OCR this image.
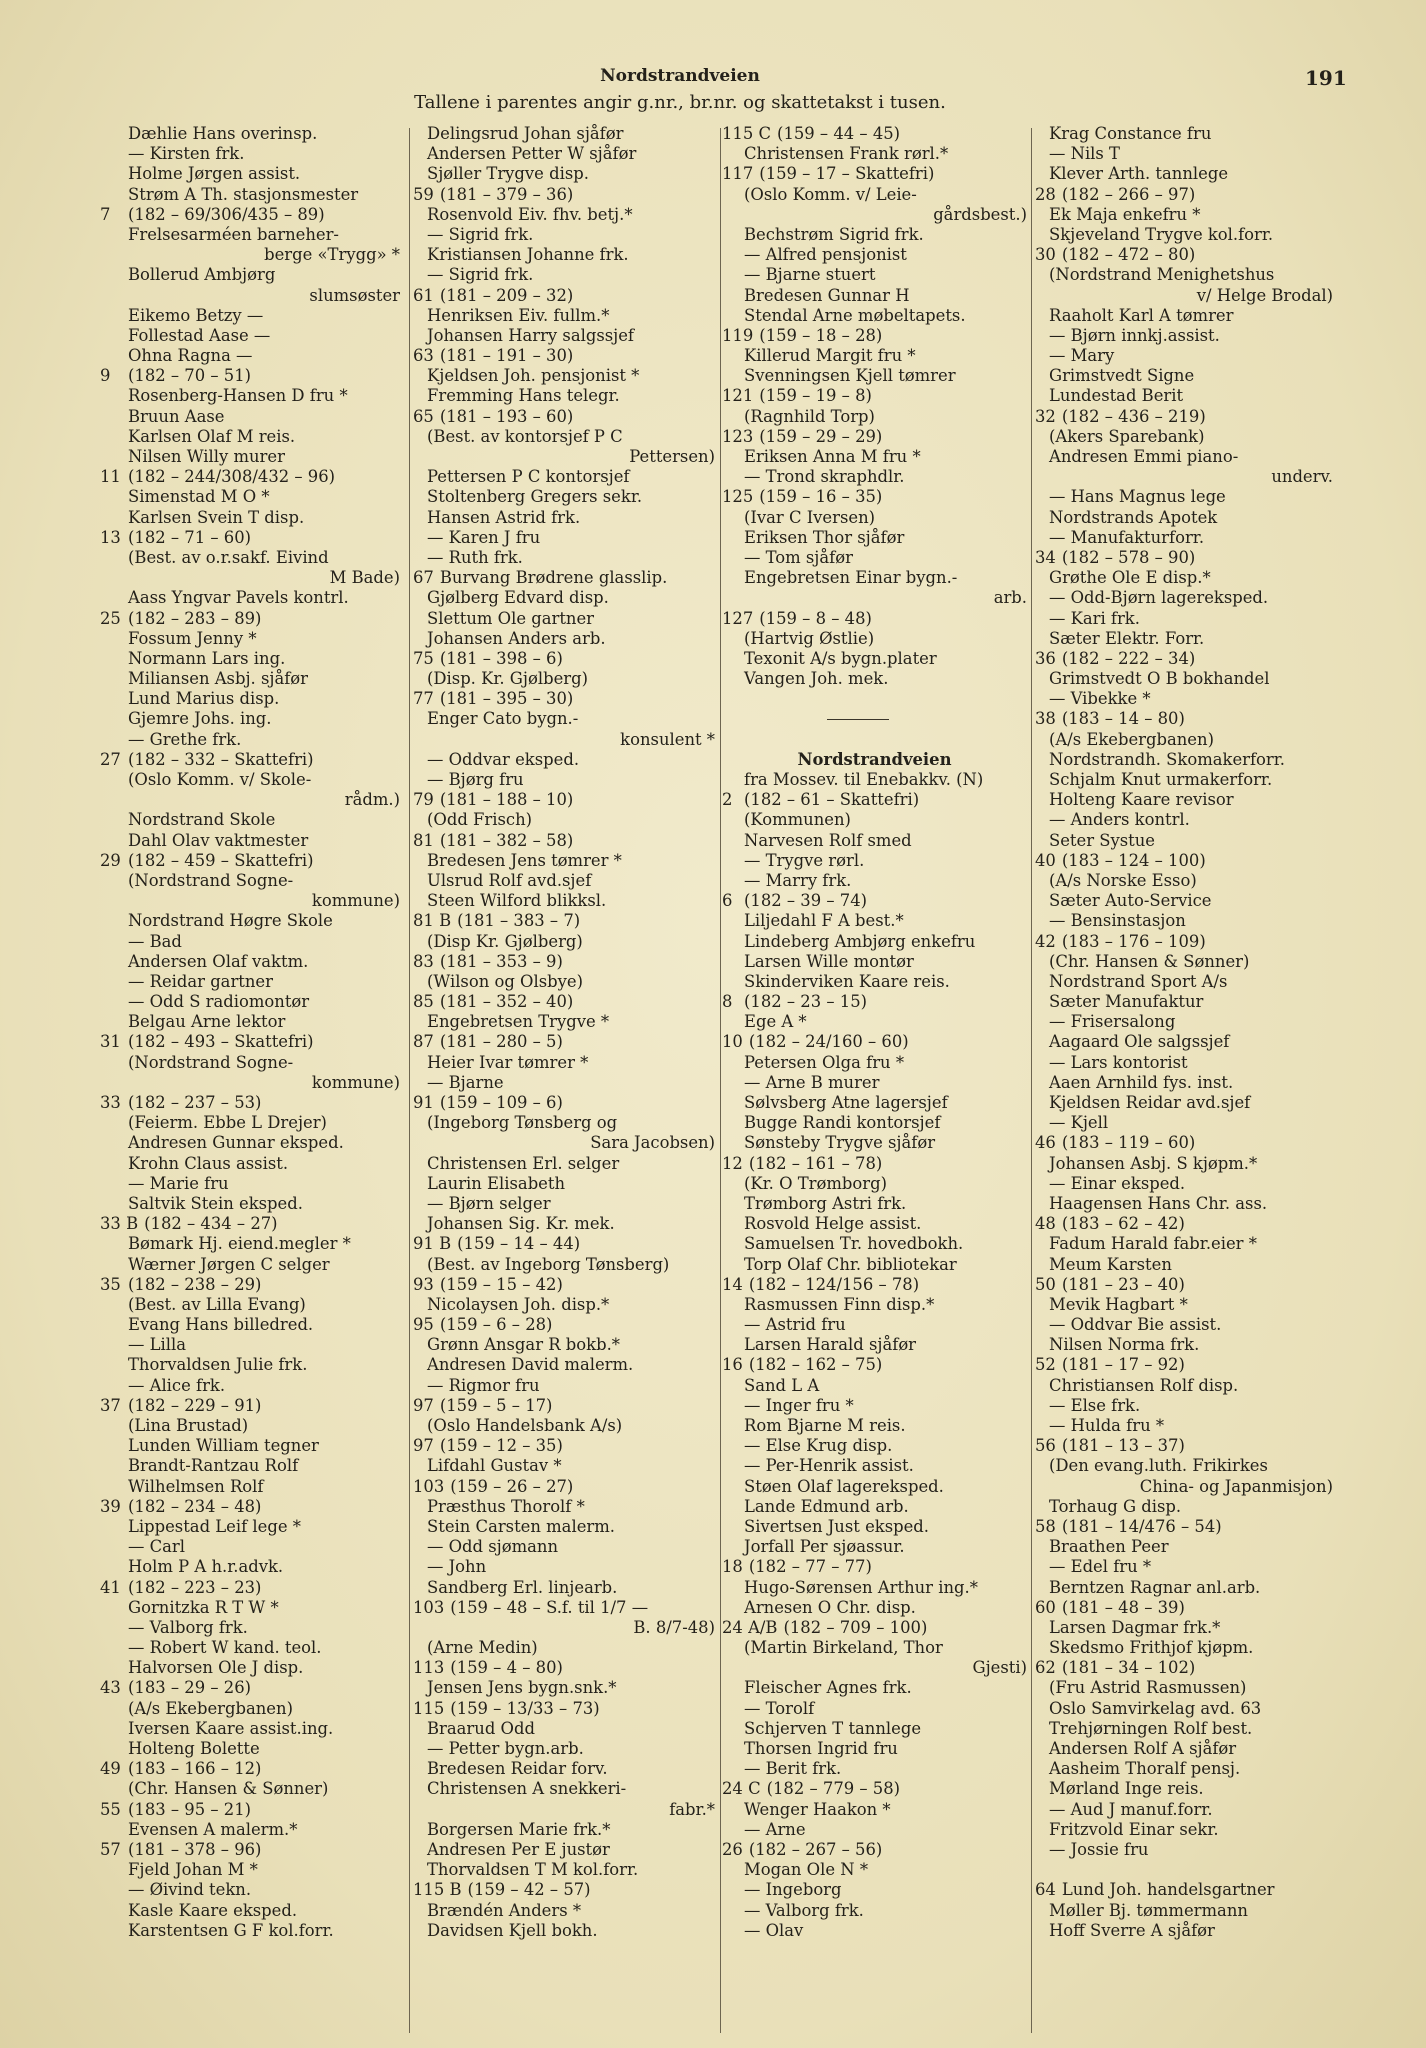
Nordstrandveien
Tallene i parentes angir g.nr., br.nr. og skattetakst i tusen.
191
Dæhlie Hans overinsp.
— Kirsten frk.
Holme Jørgen assist.
Strøm A Th. stasjonsmester
7 (182 – 69/306/435 – 89)
Frelsesarméen barneher-
berge «Trygg» *
Bollerud Ambjørg
slumsøster
Eikemo Betzy —
Follestad Aase —
Ohna Ragna —
9 (182 – 70 – 51)
Rosenberg-Hansen D fru *
Bruun Aase
Karlsen Olaf M reis.
Nilsen Willy murer
11 (182 – 244/308/432 – 96)
Simenstad M O *
Karlsen Svein T disp.
13 (182 – 71 – 60)
(Best. av o.r.sakf. Eivind
M Bade)
Aass Yngvar Pavels kontrl.
25 (182 – 283 – 89)
Fossum Jenny *
Normann Lars ing.
Miliansen Asbj. sjåfør
Lund Marius disp.
Gjemre Johs. ing.
— Grethe frk.
27 (182 – 332 – Skattefri)
(Oslo Komm. v/ Skole-
rådm.)
Nordstrand Skole
Dahl Olav vaktmester
29 (182 – 459 – Skattefri)
(Nordstrand Sogne-
kommune)
Nordstrand Høgre Skole
— Bad
Andersen Olaf vaktm.
— Reidar gartner
— Odd S radiomontør
Belgau Arne lektor
31 (182 – 493 – Skattefri)
(Nordstrand Sogne-
kommune)
33 (182 – 237 – 53)
(Feierm. Ebbe L Drejer)
Andresen Gunnar eksped.
Krohn Claus assist.
— Marie fru
Saltvik Stein eksped.
33 B (182 – 434 – 27)
Bømark Hj. eiend.megler *
Wærner Jørgen C selger
35 (182 – 238 – 29)
(Best. av Lilla Evang)
Evang Hans billedred.
— Lilla
Thorvaldsen Julie frk.
— Alice frk.
37 (182 – 229 – 91)
(Lina Brustad)
Lunden William tegner
Brandt-Rantzau Rolf
Wilhelmsen Rolf
39 (182 – 234 – 48)
Lippestad Leif lege *
— Carl
Holm P A h.r.advk.
41 (182 – 223 – 23)
Gornitzka R T W *
— Valborg frk.
— Robert W kand. teol.
Halvorsen Ole J disp.
43 (183 – 29 – 26)
(A/s Ekebergbanen)
Iversen Kaare assist.ing.
Holteng Bolette
49 (183 – 166 – 12)
(Chr. Hansen & Sønner)
55 (183 – 95 – 21)
Evensen A malerm.*
57 (181 – 378 – 96)
Fjeld Johan M *
— Øivind tekn.
Kasle Kaare eksped.
Karstentsen G F kol.forr.
Delingsrud Johan sjåfør
Andersen Petter W sjåfør
Sjøller Trygve disp.
59 (181 – 379 – 36)
Rosenvold Eiv. fhv. betj.*
— Sigrid frk.
Kristiansen Johanne frk.
— Sigrid frk.
61 (181 – 209 – 32)
Henriksen Eiv. fullm.*
Johansen Harry salgssjef
63 (181 – 191 – 30)
Kjeldsen Joh. pensjonist *
Fremming Hans telegr.
65 (181 – 193 – 60)
(Best. av kontorsjef P C
Pettersen)
Pettersen P C kontorsjef
Stoltenberg Gregers sekr.
Hansen Astrid frk.
— Karen J fru
— Ruth frk.
67 Burvang Brødrene glasslip.
Gjølberg Edvard disp.
Slettum Ole gartner
Johansen Anders arb.
75 (181 – 398 – 6)
(Disp. Kr. Gjølberg)
77 (181 – 395 – 30)
Enger Cato bygn.-
konsulent *
— Oddvar eksped.
— Bjørg fru
79 (181 – 188 – 10)
(Odd Frisch)
81 (181 – 382 – 58)
Bredesen Jens tømrer *
Ulsrud Rolf avd.sjef
Steen Wilford blikksl.
81 B (181 – 383 – 7)
(Disp Kr. Gjølberg)
83 (181 – 353 – 9)
(Wilson og Olsbye)
85 (181 – 352 – 40)
Engebretsen Trygve *
87 (181 – 280 – 5)
Heier Ivar tømrer *
— Bjarne
91 (159 – 109 – 6)
(Ingeborg Tønsberg og
Sara Jacobsen)
Christensen Erl. selger
Laurin Elisabeth
— Bjørn selger
Johansen Sig. Kr. mek.
91 B (159 – 14 – 44)
(Best. av Ingeborg Tønsberg)
93 (159 – 15 – 42)
Nicolaysen Joh. disp.*
95 (159 – 6 – 28)
Grønn Ansgar R bokb.*
Andresen David malerm.
— Rigmor fru
97 (159 – 5 – 17)
(Oslo Handelsbank A/s)
97 (159 – 12 – 35)
Lifdahl Gustav *
103 (159 – 26 – 27)
Præsthus Thorolf *
Stein Carsten malerm.
— Odd sjømann
— John
Sandberg Erl. linjearb.
103 (159 – 48 – S.f. til 1/7 —
B. 8/7-48)
(Arne Medin)
113 (159 – 4 – 80)
Jensen Jens bygn.snk.*
115 (159 – 13/33 – 73)
Braarud Odd
— Petter bygn.arb.
Bredesen Reidar forv.
Christensen A snekkeri-
fabr.*
Borgersen Marie frk.*
Andresen Per E justør
Thorvaldsen T M kol.forr.
115 B (159 – 42 – 57)
Brændén Anders *
Davidsen Kjell bokh.
115 C (159 – 44 – 45)
Christensen Frank rørl.*
117 (159 – 17 – Skattefri)
(Oslo Komm. v/ Leie-
gårdsbest.)
Bechstrøm Sigrid frk.
— Alfred pensjonist
— Bjarne stuert
Bredesen Gunnar H
Stendal Arne møbeltapets.
119 (159 – 18 – 28)
Killerud Margit fru *
Svenningsen Kjell tømrer
121 (159 – 19 – 8)
(Ragnhild Torp)
123 (159 – 29 – 29)
Eriksen Anna M fru *
— Trond skraphdlr.
125 (159 – 16 – 35)
(Ivar C Iversen)
Eriksen Thor sjåfør
— Tom sjåfør
Engebretsen Einar bygn.-
arb.
127 (159 – 8 – 48)
(Hartvig Østlie)
Texonit A/s bygn.plater
Vangen Joh. mek.
Nordstrandveien
fra Mossev. til Enebakkv. (N)
2 (182 – 61 – Skattefri)
(Kommunen)
Narvesen Rolf smed
— Trygve rørl.
— Marry frk.
6 (182 – 39 – 74)
Liljedahl F A best.*
Lindeberg Ambjørg enkefru
Larsen Wille montør
Skinderviken Kaare reis.
8 (182 – 23 – 15)
Ege A *
10 (182 – 24/160 – 60)
Petersen Olga fru *
— Arne B murer
Sølvsberg Atne lagersjef
Bugge Randi kontorsjef
Sønsteby Trygve sjåfør
12 (182 – 161 – 78)
(Kr. O Trømborg)
Trømborg Astri frk.
Rosvold Helge assist.
Samuelsen Tr. hovedbokh.
Torp Olaf Chr. bibliotekar
14 (182 – 124/156 – 78)
Rasmussen Finn disp.*
— Astrid fru
Larsen Harald sjåfør
16 (182 – 162 – 75)
Sand L A
— Inger fru *
Rom Bjarne M reis.
— Else Krug disp.
— Per-Henrik assist.
Støen Olaf lagereksped.
Lande Edmund arb.
Sivertsen Just eksped.
Jorfall Per sjøassur.
18 (182 – 77 – 77)
Hugo-Sørensen Arthur ing.*
Arnesen O Chr. disp.
24 A/B (182 – 709 – 100)
(Martin Birkeland, Thor
Gjesti)
Fleischer Agnes frk.
— Torolf
Schjerven T tannlege
Thorsen Ingrid fru
— Berit frk.
24 C (182 – 779 – 58)
Wenger Haakon *
— Arne
26 (182 – 267 – 56)
Mogan Ole N *
— Ingeborg
— Valborg frk.
— Olav
Krag Constance fru
— Nils T
Klever Arth. tannlege
28 (182 – 266 – 97)
Ek Maja enkefru *
Skjeveland Trygve kol.forr.
30 (182 – 472 – 80)
(Nordstrand Menighetshus
v/ Helge Brodal)
Raaholt Karl A tømrer
— Bjørn innkj.assist.
— Mary
Grimstvedt Signe
Lundestad Berit
32 (182 – 436 – 219)
(Akers Sparebank)
Andresen Emmi piano-
underv.
— Hans Magnus lege
Nordstrands Apotek
— Manufakturforr.
34 (182 – 578 – 90)
Grøthe Ole E disp.*
— Odd-Bjørn lagereksped.
— Kari frk.
Sæter Elektr. Forr.
36 (182 – 222 – 34)
Grimstvedt O B bokhandel
— Vibekke *
38 (183 – 14 – 80)
(A/s Ekebergbanen)
Nordstrandh. Skomakerforr.
Schjalm Knut urmakerforr.
Holteng Kaare revisor
— Anders kontrl.
Seter Systue
40 (183 – 124 – 100)
(A/s Norske Esso)
Sæter Auto-Service
— Bensinstasjon
42 (183 – 176 – 109)
(Chr. Hansen & Sønner)
Nordstrand Sport A/s
Sæter Manufaktur
— Frisersalong
Aagaard Ole salgssjef
— Lars kontorist
Aaen Arnhild fys. inst.
Kjeldsen Reidar avd.sjef
— Kjell
46 (183 – 119 – 60)
Johansen Asbj. S kjøpm.*
— Einar eksped.
Haagensen Hans Chr. ass.
48 (183 – 62 – 42)
Fadum Harald fabr.eier *
Meum Karsten
50 (181 – 23 – 40)
Mevik Hagbart *
— Oddvar Bie assist.
Nilsen Norma frk.
52 (181 – 17 – 92)
Christiansen Rolf disp.
— Else frk.
— Hulda fru *
56 (181 – 13 – 37)
(Den evang.luth. Frikirkes
China- og Japanmisjon)
Torhaug G disp.
58 (181 – 14/476 – 54)
Braathen Peer
— Edel fru *
Berntzen Ragnar anl.arb.
60 (181 – 48 – 39)
Larsen Dagmar frk.*
Skedsmo Frithjof kjøpm.
62 (181 – 34 – 102)
(Fru Astrid Rasmussen)
Oslo Samvirkelag avd. 63
Trehjørningen Rolf best.
Andersen Rolf A sjåfør
Aasheim Thoralf pensj.
Mørland Inge reis.
— Aud J manuf.forr.
Fritzvold Einar sekr.
— Jossie fru
64 Lund Joh. handelsgartner
Møller Bj. tømmermann
Hoff Sverre A sjåfør
